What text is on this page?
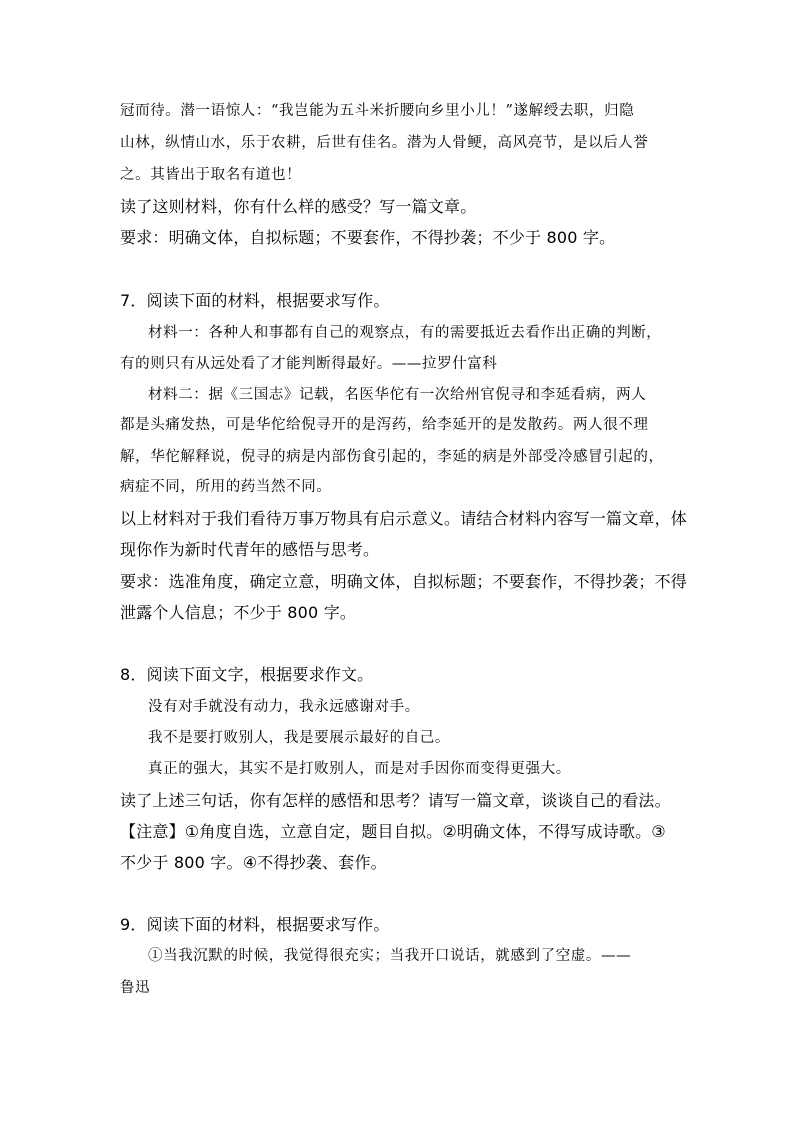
冠而待。潜一语惊人：“我岂能为五斗米折腰向乡里小儿！”遂解绶去职，归隐
山林，纵情山水，乐于农耕，后世有佳名。潜为人骨鲠，高风亮节，是以后人誉
之。其皆出于取名有道也！
读了这则材料，你有什么样的感受？写一篇文章。
要求：明确文体，自拟标题；不要套作，不得抄袭；不少于 800 字。
7．阅读下面的材料，根据要求写作。
材料一：各种人和事都有自己的观察点，有的需要抵近去看作出正确的判断，
有的则只有从远处看了才能判断得最好。——拉罗什富科
材料二：据《三国志》记载，名医华佗有一次给州官倪寻和李延看病，两人
都是头痛发热，可是华佗给倪寻开的是泻药，给李延开的是发散药。两人很不理
解，华佗解释说，倪寻的病是内部伤食引起的，李延的病是外部受冷感冒引起的，
病症不同，所用的药当然不同。
以上材料对于我们看待万事万物具有启示意义。请结合材料内容写一篇文章，体
现你作为新时代青年的感悟与思考。
要求：选准角度，确定立意，明确文体，自拟标题；不要套作，不得抄袭；不得
泄露个人信息；不少于 800 字。
8．阅读下面文字，根据要求作文。
没有对手就没有动力，我永远感谢对手。
我不是要打败别人，我是要展示最好的自己。
真正的强大，其实不是打败别人，而是对手因你而变得更强大。
读了上述三句话，你有怎样的感悟和思考？请写一篇文章，谈谈自己的看法。
【注意】①角度自选，立意自定，题目自拟。②明确文体，不得写成诗歌。③
不少于 800 字。④不得抄袭、套作。
9．阅读下面的材料，根据要求写作。
①当我沉默的时候，我觉得很充实；当我开口说话，就感到了空虚。——
鲁迅
